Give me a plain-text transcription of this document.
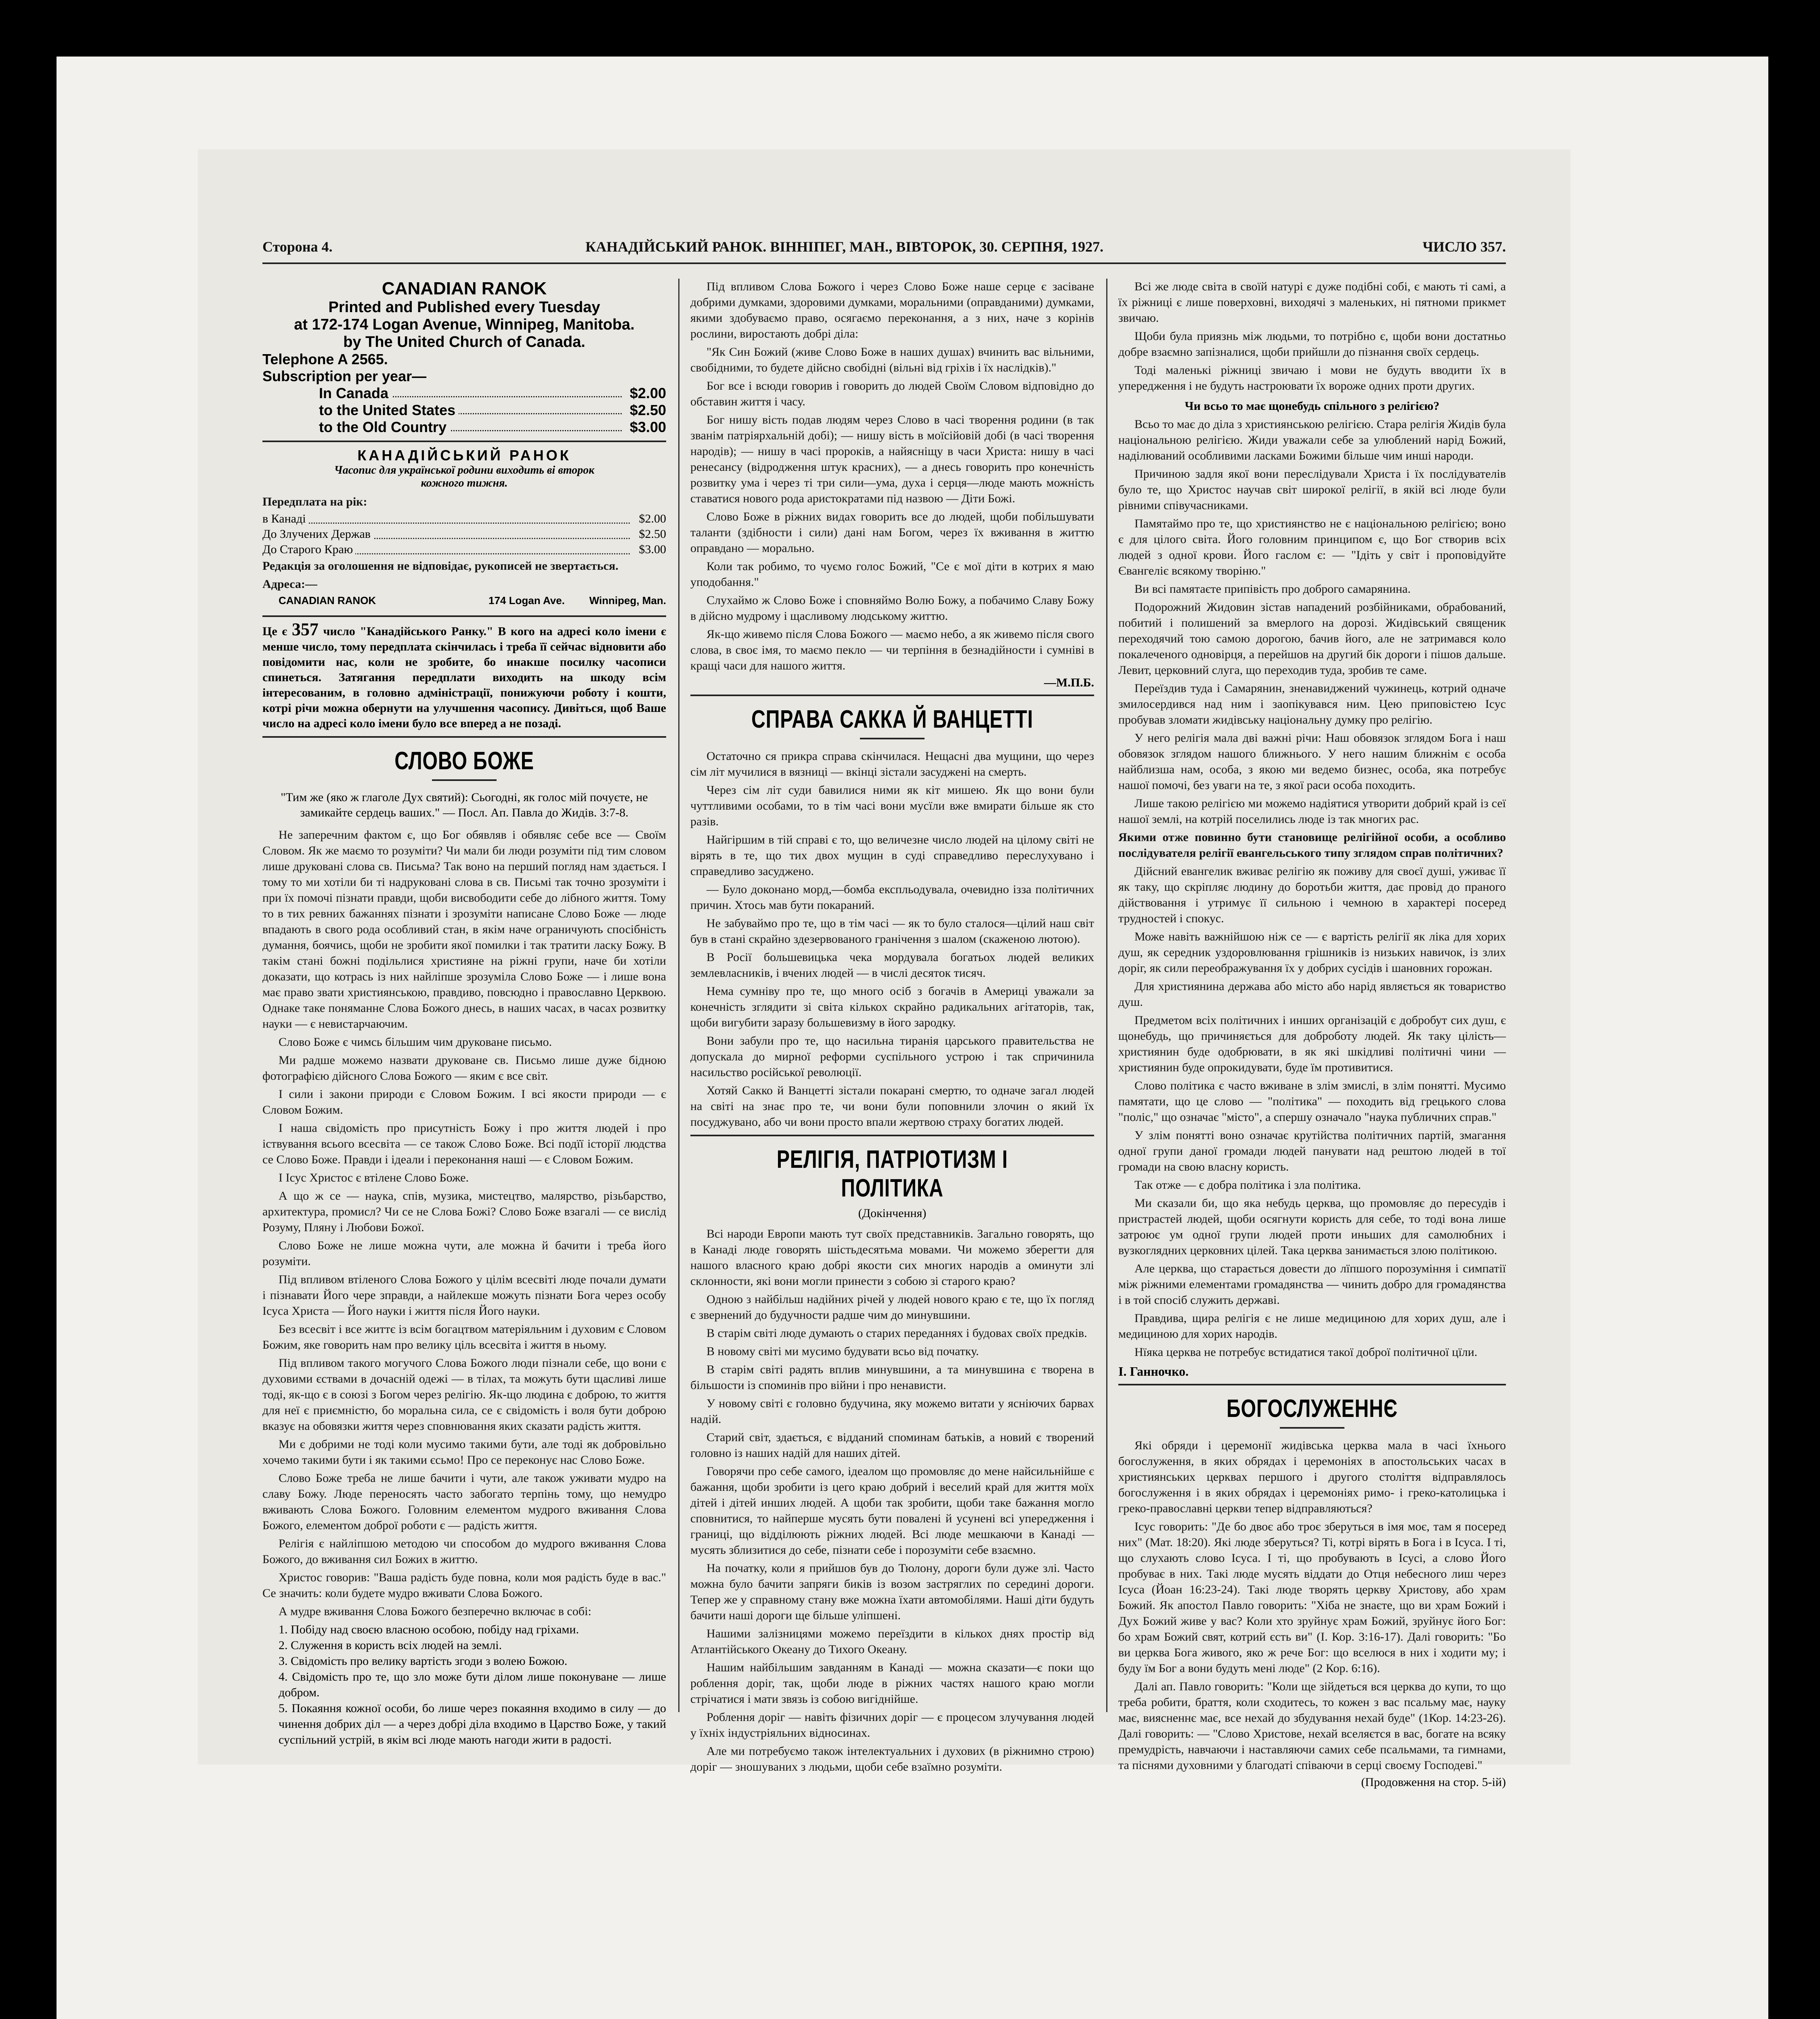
Сторона 4.	КАНАДІЙСЬКИЙ РАНОК. ВІННІПЕГ, МАН., ВІВТОРОК, 30. СЕРПНЯ, 1927.	ЧИСЛО 357.

CANADIAN RANOK

Printed and Published every Tuesday

at 172-174 Logan Avenue, Winnipeg, Manitoba.

by The United Church of Canada.

Telephone A 2565.

Subscription per year—

In Canada	$2.00
to the United States	$2.50
to the Old Country	$3.00

КАНАДІЙСЬКИЙ РАНОК

Часопис для української родини виходить ві второк

кожного тижня.

Передплата на рік:

в Канаді	$2.00
До Злучених Держав	$2.50
До Старого Краю	$3.00

Редакція за оголошення не відповідає, рукописей не звертається.

Адреса:—

CANADIAN RANOK	174 Logan Ave. Winnipeg, Man.

Це є 357 число "Канадійського Ранку." В кого на адресі коло імени є менше число, тому передплата скінчилась і треба її сейчас відновити або повідомити нас, коли не зробите, бо инакше посилку часописи спинеться. Затягання передплати виходить на шкоду всім інтересованим, в головно адміністрації, понижуючи роботу і кошти, котрі річи можна обернути на улучшення часопису. Дивіться, щоб Ваше число на адресі коло імени було все вперед а не позаді.

СЛОВО БОЖЕ

"Тим же (яко ж глаголе Дух святий): Сьогодні, як голос мій почуєте, не замикайте сердець ваших." — Посл. Ап. Павла до Жидів. 3:7-8.

Не заперечним фактом є, що Бог обявляв і обявляє себе все — Своїм Словом. Як же маємо то розуміти? Чи мали би люди розуміти під тим словом лише друковані слова св. Письма? Так воно на перший погляд нам здається. І тому то ми хотіли би ті надруковані слова в св. Письмі так точно зрозуміти і при їх помочі пізнати правди, щоби висвободити себе до лібного життя. Тому то в тих ревних бажаннях пізнати і зрозуміти написане Слово Боже — люде впадають в свого рода особливий стан, в якім наче ограничують спосібність думання, боячись, щоби не зробити якої помилки і так тратити ласку Божу. В такім стані божні подільлися християне на ріжні групи, наче би хотіли доказати, що котрась із них найлiпше зрозуміла Слово Боже — і лише вона має право звати християнською, правдиво, повсюдно і православно Церквою. Однаке таке поняманне Слова Божого днесь, в наших часах, в часах розвитку науки — є невистарчаючим.

Слово Боже є чимсь більшим чим друковане письмо.

Ми радше можемо назвати друковане св. Письмо лише дуже бідною фотографією дійсного Слова Божого — яким є все світ.

І сили і закони природи є Словом Божим. І всі якости природи — є Словом Божим.

І наша свідомість про присутність Божу і про життя людей і про іствування всього всесвіта — се також Слово Боже. Всі подїї історії людства се Слово Боже. Правди і ідеали і переконання наші — є Словом Божим.

І Ісус Христос є втілене Слово Боже.

А що ж се — наука, спів, музика, мистецтво, малярство, різьбарство, архитектура, промисл? Чи се не Слова Божі? Слово Боже взагалі — се вислід Розуму, Пляну і Любови Божої.

Слово Боже не лише можна чути, але можна й бачити і треба його розуміти.

Під впливом втіленого Слова Божого у цілім всесвіті люде почали думати і пізнавати Його чере зправди, а найлекше можуть пізнати Бога через особу Ісуса Христа — Його науки і життя після Його науки.

Без всесвіт і все життє із всім богацтвом матеріяльним і духовим є Словом Божим, яке говорить нам про велику ціль всесвіта і життя в ньому.

Під впливом такого могучого Слова Божого люди пізнали себе, що вони є духовими єствами в дочасній одежі — в тілах, та можуть бути щасливі лише тоді, як-що є в союзі з Богом через релігію. Як-що людина є доброю, то життя для неї є приємністю, бо моральна сила, се є свідомість і воля бути доброю вказує на обовязки життя через сповнювання яких сказати радість життя.

Ми є добрими не тоді коли мусимо такими бути, але тоді як добровільно хочемо такими бути і як такими єсьмо! Про се переконує нас Слово Боже.

Слово Боже треба не лише бачити і чути, але також уживати мудро на славу Божу. Люде переносять часто забогато терпінь тому, що немудро вживають Слова Божого. Головним елементом мудрого вживання Слова Божого, елементом доброї роботи є — радість життя.

Релігія є найліпшою методою чи способом до мудрого вживання Слова Божого, до вживання сил Божих в життю.

Христос говорив: "Ваша радість буде повна, коли моя радість буде в вас." Се значить: коли будете мудро вживати Слова Божого.

А мудре вживання Слова Божого безперечно включає в собі:

1. Побіду над своєю власною особою, побіду над гріхами.

2. Служення в користь всіх людей на землі.

3. Свідомість про велику вартість згоди з волею Божою.

4. Свідомість про те, що зло може бути ділом лише поконуване — лише добром.

5. Покаяння кожної особи, бо лише через покаяння входимо в силу — до чинення добрих діл — а через добрі діла входимо в Царство Боже, у такий суспільний устрій, в якім всі люде мають нагоди жити в радості.

Під впливом Слова Божого і через Слово Боже наше серце є засіване добрими думками, здоровими думками, моральними (оправданими) думками, якими здобуваємо право, осягаємо переконання, а з них, наче з корінів рослини, виростають добрі діла:

"Як Син Божий (живе Слово Боже в наших душах) вчинить вас вільними, свобідними, то будете дійсно свобідні (вільні від гріхів і їх наслідків)."

Бог все і всюди говорив і говорить до людей Своїм Словом відповідно до обставин життя і часу.

Бог нишу вість подав людям через Слово в часі творення родини (в так званім патріярхальній добі); — нишу вість в моїсійовій добі (в часі творення народів); — нишу в часі пророків, а найясніщу в часи Христа: нишу в часі ренесансу (відродження штук красних), — а днесь говорить про конечність розвитку ума і через ті три сили—ума, духа і серця—люде мають можність ставатися нового рода аристократами під назвою — Діти Божі.

Слово Боже в ріжних видах говорить все до людей, щоби побільшувати таланти (здібности і сили) дані нам Богом, через їх вживання в життю оправдано — морально.

Коли так робимо, то чуємо голос Божий, "Се є мої діти в котрих я маю уподобання."

Слухаймо ж Слово Боже і сповняймо Волю Божу, а побачимо Славу Божу в дійсно мудрому і щасливому людському життю.

Як-що живемо після Слова Божого — маємо небо, а як живемо після свого слова, в своє імя, то маємо пекло — чи терпіння в безнадійности і сумніві в кращі часи для нашого життя.

—М.П.Б.

СПРАВА САККА Й ВАНЦЕТТІ

Остаточно ся прикра справа скінчилася. Нещасні два мущини, що через сім літ мучилися в вязниці — вкінці зістали засуджені на смерть.

Через сім літ суди бавилися ними як кіт мишею. Як що вони були чуттливими особами, то в тім часі вони мусїли вже вмирати більше як сто разів.

Найгіршим в тій справі є то, що величезне число людей на цілому світі не вірять в те, що тих двох мущин в суді справедливо переслухувано і справедливо засуджено.

— Було доконано морд,—бомба експльодувала, очевидно ізза політичних причин. Хтось мав бути покараний.

Не забуваймо про те, що в тім часі — як то було сталося—цілий наш світ був в стані скрайно здезервованого гранічення з шалом (скаженою лютою).

В Росії большевицька чека мордувала богатьох людей великих землевласників, і вчених людей — в числі десяток тисяч.

Нема сумніву про те, що много осіб з богачів в Америці уважали за конечність зглядити зі світа кількох скрайно радикальних агітаторів, так, щоби вигубити заразу большевизму в його зародку.

Вони забули про те, що насильна тиранія царського правительства не допускала до мирної реформи суспільного устрою і так спричинила насильство російської революції.

Хотяй Сакко й Ванцетті зістали покарані смертю, то одначе загал людей на світі на знає про те, чи вони були поповнили злочин о який їх посуджувано, або чи вони просто впали жертвою страху богатих людей.

РЕЛІГІЯ, ПАТРІОТИЗМ І ПОЛІТИКА

(Докінчення)

Всі народи Европи мають тут своїх представників. Загально говорять, що в Канаді люде говорять шістьдесятьма мовами. Чи можемо зберегти для нашого власного краю добрі якости сих многих народів а оминути злі склонности, які вони могли принести з собою зі старого краю?

Одною з найбільш надійних річей у людей нового краю є те, що їх погляд є звернений до будучности радше чим до минувшини.

В старім світі люде думають о старих переданнях і будовах своїх предків.

В новому світі ми мусимо будувати всьо від початку.

В старім світі радять вплив минувшини, а та минувшина є творена в більшости із споминів про війни і про ненависти.

У новому світі є головно будучина, яку можемо витати у ясніючих барвах надій.

Старий світ, здається, є відданий споминам батьків, а новий є творений головно із наших надій для наших дітей.

Говорячи про себе самого, ідеалом що промовляє до мене найсильнійше є бажання, щоби зробити із цего краю добрий і веселий край для життя моїх дітей і дітей инших людей. А щоби так зробити, щоби таке бажання могло сповнитися, то найперше мусять бути повалені й усунені всі упередження і границі, що відділюють ріжних людей. Всі люде мешкаючи в Канаді — мусять зблизитися до себе, пізнати себе і порозуміти себе взаємно.

На початку, коли я прийшов був до Тюлону, дороги були дуже злі. Часто можна було бачити запряги биків із возом застряглих по середині дороги. Тепер же у справному стану вже можна їхати автомобілями. Наші діти будуть бачити наші дороги ще більше улiпшені.

Нашими залізницями можемо переїздити в кількох днях простір від Атлантійського Океану до Тихого Океану.

Нашим найбільшим завданням в Канаді — можна сказати—є поки що роблення доріг, так, щоби люде в ріжних частях нашого краю могли стрічатися і мати звязь із собою вигіднійше.

Роблення доріг — навіть фізичних доріг — є процесом злучування людей у їхніх індустріяльних відносинах.

Але ми потребуємо також інтелектуальних і духових (в ріжнимно строю) доріг — зношуваних з людьми, щоби себе взаїмно розуміти.

Всі же люде світа в своїй натурі є дуже подібні собі, є мають ті самі, а їх ріжниці є лише поверховні, виходячі з маленьких, ні пятноми прикмет звичаю.

Щоби була приязнь між людьми, то потрібно є, щоби вони достатньо добре взаємно запізналися, щоби прийшли до пізнання своїх сердець.

Тоді маленькі ріжниці звичаю і мови не будуть вводити їх в упередження і не будуть настроювати їх вороже одних проти других.

Чи всьо то має щонебудь спільного з релігією?

Всьо то має до діла з християнською релігією. Стара релігія Жидів була національною релігією. Жиди уважали себе за улюблений нарід Божий, наділюваний особливими ласками Божими більше чим инші народи.

Причиною задля якої вони переслідували Христа і їх послідувателів було те, що Христос научав світ широкої релігії, в якій всі люде були рівними співучасниками.

Памятаймо про те, що християнство не є національною релігією; воно є для цілого світа. Його головним принципом є, що Бог створив всіх людей з одної крови. Його гаслом є: — "Ідіть у світ і проповідуйте Євангеліє всякому творіню."

Ви всі памятаєте припівість про доброго самарянина.

Подорожний Жидовин зістав нападений розбійниками, обрабований, побитий і полишений за вмерлого на дорозі. Жидівський священик переходячий тою самою дорогою, бачив його, але не затримався коло покалеченого одновірця, а перейшов на другий бік дороги і пішов дальше. Левит, церковний слуга, що переходив туда, зробив те саме.

Переїздив туда і Самарянин, зненавиджений чужинець, котрий одначе змилосердився над ним і заопікувався ним. Цею припoвістею Ісус пробував зломати жидівську національну думку про релігію.

У него релігія мала дві важні річи: Наш обовязок зглядом Бога і наш обовязок зглядом нашого ближнього. У него нашим ближнім є особа найблизша нам, особа, з якою ми ведемо бизнес, особа, яка потребує нашої помочі, без уваги на те, з якої раси особа походить.

Лише такою релігією ми можемо надіятися утворити добрий край із сеї нашої землі, на котрій поселились люде із так многих рас.

Якими отже повинно бути становище релігійної особи, а особливо послідувателя релігії евангельського типу зглядом справ політичних?

Дійсний евангелик вживає релігію як поживу для своєї душі, уживає її як таку, що скріпляє людину до боротьби життя, дає провід до праного дійствовання і утримує її сильною і чемною в характері посеред трудностей і спокус.

Може навіть важнійшою ніж се — є вартість релігії як ліка для хорих душ, як середник уздоровлювання грішників із низьких навичок, із злих доріг, як сили переображування їх у добрих сусідів і шановних горожан.

Для християнина держава або місто або нарід являється як товариство душ.

Предметом всіх політичних і инших організацій є добробут сих душ, є щонебудь, що причиняється для доброботу людей. Як таку цілість— християнин буде одобрювати, в як які шкідливі політичні чини — християнин буде опрокидувати, буде їм противитися.

Слово політика є часто вживане в злім змислі, в злім понятті. Мусимо памятати, що це слово — "політика" — походить від грецького слова "поліс," що означає "місто", а спершу означало "наука публичних справ."

У злім понятті воно означає крутійства політичних партій, змагання одної групи даної громади людей панувати над рештою людей в тої громади на свою власну користь.

Так отже — є добра політика і зла політика.

Ми сказали би, що яка небудь церква, що промовляє до пересудів і пристрастей людей, щоби осягнути користь для себе, то тоді вона лише затроює ум одної групи людей проти иньших для самолюбних і вузкоглядних церковних цілей. Така церква занимається злою політикою.

Але церква, що старається довести до лїпшого порозуміння і симпатії між ріжними елементами громадянства — чинить добро для громадянства і в той спосіб служить державі.

Правдива, щира релігія є не лише медициною для хорих душ, але і медициною для хорих народів.

Нїяка церква не потребує встидатися такої доброї політичної цїли.

І. Ганночко.

БОГОСЛУЖЕННЄ

Які обряди і церемонії жидівська церква мала в часі їхнього богослуження, в яких обрядах і церемоніях в апостольських часах в християнських церквах першого і другого століття відправлялось богослуження і в яких обрядах і церемоніях римо- і греко-католицька і греко-православні церкви тепер відправляються?

Ісус говорить: "Де бо двоє або троє зберуться в імя моє, там я посеред них" (Мат. 18:20). Які люде зберуться? Ті, котрі вірять в Бога і в Ісуса. І ті, що слухають слово Ісуса. І ті, що пробувають в Ісусі, а слово Його пробуває в них. Такі люде мусять віддати до Отця небесного лиш через Ісуса (Йоан 16:23-24). Такі люде творять церкву Христову, або храм Божий. Як апостол Павло говорить: "Хіба не знаєте, що ви храм Божий і Дух Божий живе у вас? Коли хто зруйнує храм Божий, зруйнує його Бог: бо храм Божий свят, котрий єсть ви" (І. Кор. 3:16-17). Далі говорить: "Бо ви церква Бога живого, яко ж рече Бог: що вселюся в них і ходити му; і буду їм Бог а вони будуть мені люде" (2 Кор. 6:16).

Далі ап. Павло говорить: "Коли ще зійдеться вся церква до купи, то що треба робити, браття, коли сходитесь, то кожен з вас псальму має, науку має, виясненнє має, все нехай до збудування нехай буде" (1Кор. 14:23-26). Далі говорить: — "Слово Христове, нехай вселяєтся в вас, богате на всяку премудрість, навчаючи і наставляючи самих себе псальмами, та гимнами, та піснями духовними у благодаті співаючи в серці своєму Господеві."

(Продовження на стор. 5-ій)
